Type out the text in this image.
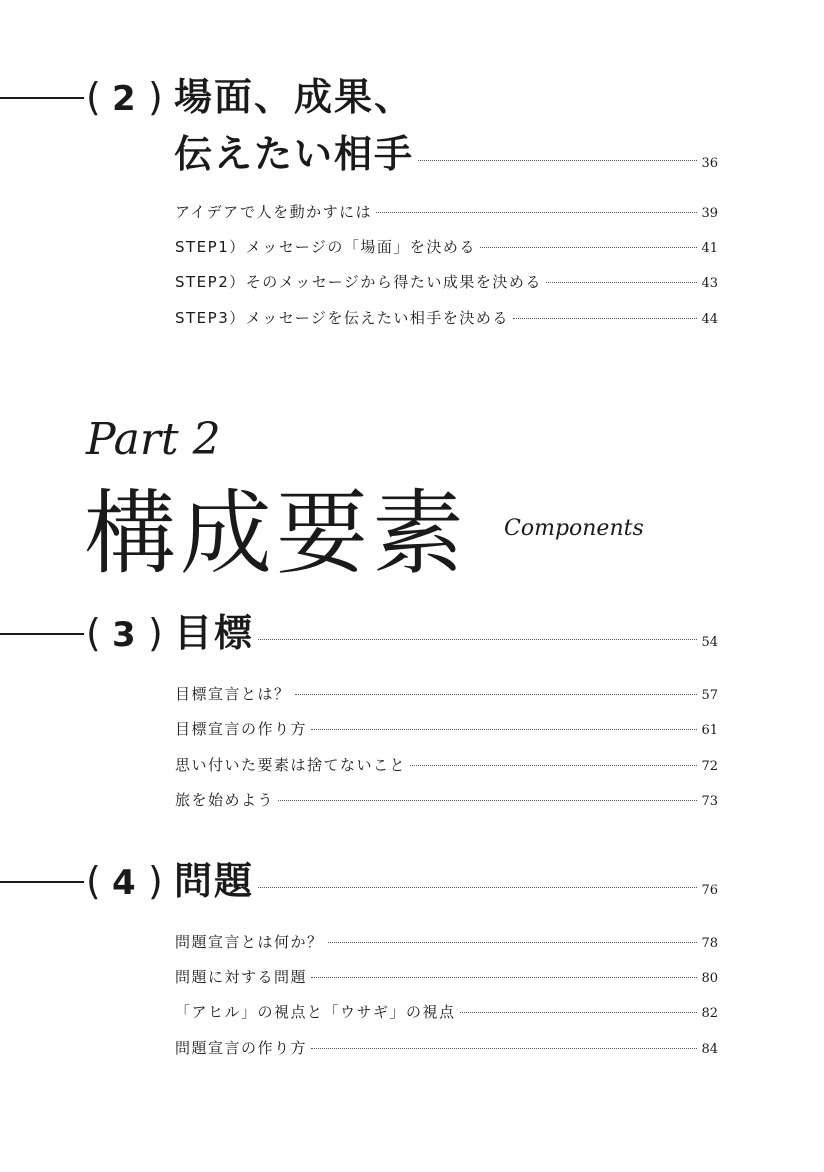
( 2 ) 場面、成果、
伝えたい相手	36
アイデアで人を動かすには	39
STEP1）メッセージの「場面」を決める	41
STEP2）そのメッセージから得たい成果を決める	43
STEP3）メッセージを伝えたい相手を決める	44
Part 2
構成要素 Components
( 3 ) 目標	54
目標宣言とは？	57
目標宣言の作り方	61
思い付いた要素は捨てないこと	72
旅を始めよう	73
( 4 ) 問題	76
問題宣言とは何か？	78
問題に対する問題	80
「アヒル」の視点と「ウサギ」の視点	82
問題宣言の作り方	84
